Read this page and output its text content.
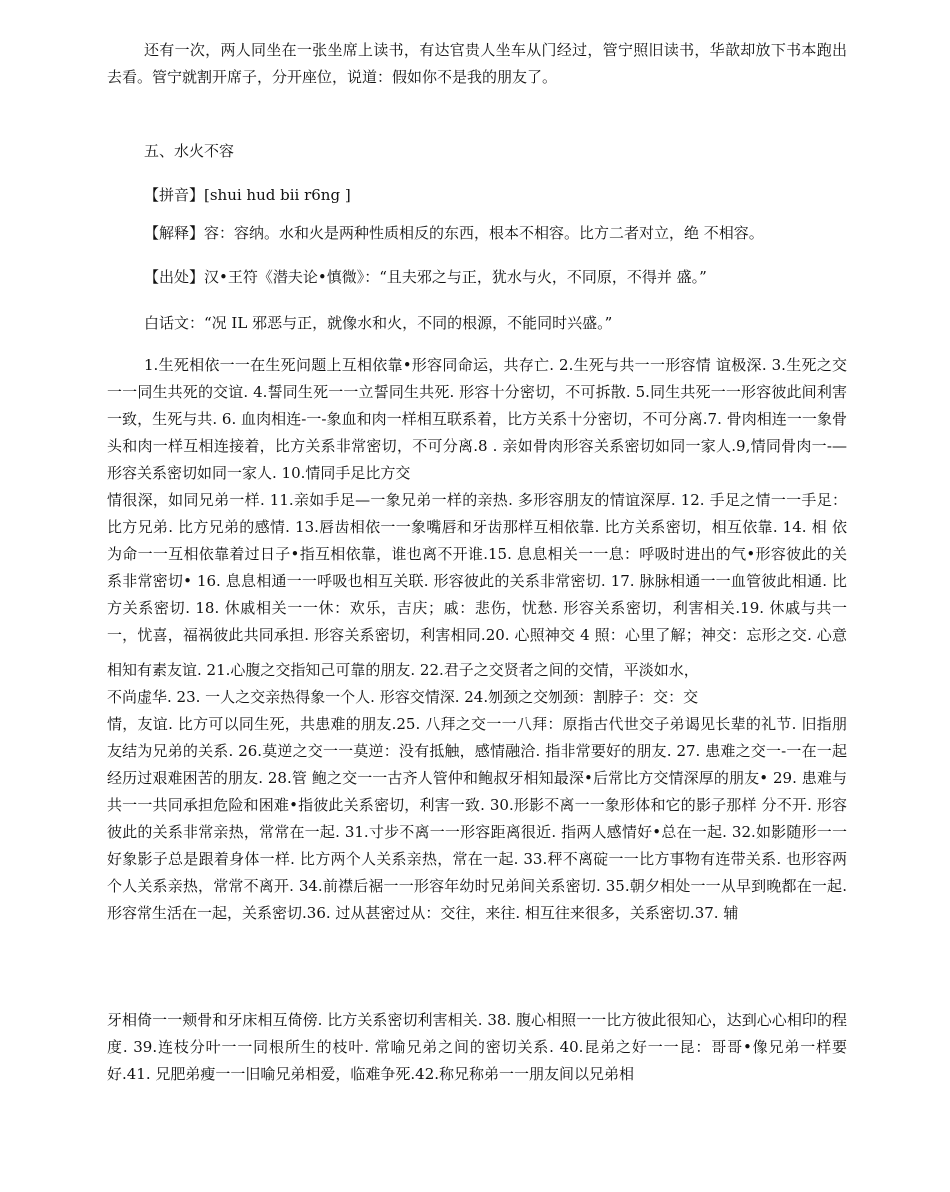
还有一次，两人同坐在一张坐席上读书，有达官贵人坐车从门经过，管宁照旧读书，华歆却放下书本跑出去看。管宁就割开席子，分开座位，说道：假如你不是我的朋友了。

五、水火不容

【拼音】[shui hud bii r6ng ]

【解释】容：容纳。水和火是两种性质相反的东西，根本不相容。比方二者对立，绝 不相容。

【出处】汉•王符《潜夫论•慎微》：“且夫邪之与正，犹水与火，不同原，不得并 盛。”

白话文：“况 IL 邪恶与正，就像水和火，不同的根源，不能同时兴盛。”

1.生死相依一一在生死问题上互相依靠•形容同命运，共存亡. 2.生死与共一一形容情 谊极深. 3.生死之交一一同生共死的交谊. 4.誓同生死一一立誓同生共死. 形容十分密切，不可拆散. 5.同生共死一一形容彼此间利害一致，生死与共. 6. 血肉相连-一-象血和肉一样相互联系着，比方关系十分密切，不可分离.7. 骨肉相连一一象骨头和肉一样互相连接着，比方关系非常密切，不可分离.8 . 亲如骨肉形容关系密切如同一家人.9,情同骨肉一-—形容关系密切如同一家人. 10.情同手足比方交

情很深，如同兄弟一样. 11.亲如手足—一象兄弟一样的亲热. 多形容朋友的情谊深厚. 12. 手足之情一一手足：比方兄弟. 比方兄弟的感情. 13.唇齿相依一一象嘴唇和牙齿那样互相依靠. 比方关系密切，相互依靠. 14. 相 依为命一一互相依靠着过日子•指互相依靠，谁也离不开谁.15. 息息相关一一息：呼吸时进出的气•形容彼此的关系非常密切• 16. 息息相通一一呼吸也相互关联. 形容彼此的关系非常密切. 17. 脉脉相通一一血管彼此相通. 比方关系密切. 18. 休戚相关一一休：欢乐，吉庆；戚：悲伤，忧愁. 形容关系密切，利害相关.19. 休戚与共一一，忧喜，福祸彼此共同承担. 形容关系密切，利害相同.20. 心照神交 4 照：心里了解；神交：忘形之交. 心意

相知有素友谊. 21.心腹之交指知己可靠的朋友. 22.君子之交贤者之间的交情，平淡如水，

不尚虚华. 23. 一人之交亲热得象一个人. 形容交情深. 24.刎颈之交刎颈：割脖子：交：交

情，友谊. 比方可以同生死，共患难的朋友.25. 八拜之交一一八拜：原指古代世交子弟谒见长辈的礼节. 旧指朋友结为兄弟的关系. 26.莫逆之交一一莫逆：没有抵触，感情融洽. 指非常要好的朋友. 27. 患难之交一-一在一起经历过艰难困苦的朋友. 28.管 鲍之交一一古齐人管仲和鲍叔牙相知最深•后常比方交情深厚的朋友• 29. 患难与共一一共同承担危险和困难•指彼此关系密切，利害一致. 30.形影不离一一象形体和它的影子那样 分不开. 形容彼此的关系非常亲热，常常在一起. 31.寸步不离一一形容距离很近. 指两人感情好•总在一起. 32.如影随形一一好象影子总是跟着身体一样. 比方两个人关系亲热，常在一起. 33.秤不离碇一一比方事物有连带关系. 也形容两个人关系亲热，常常不离开. 34.前襟后裾一一形容年幼时兄弟间关系密切. 35.朝夕相处一一从早到晚都在一起. 形容常生活在一起，关系密切.36. 过从甚密过从：交往，来往. 相互往来很多，关系密切.37. 辅

牙相倚一一颊骨和牙床相互倚傍. 比方关系密切利害相关. 38. 腹心相照一一比方彼此很知心，达到心心相印的程度. 39.连枝分叶一一同根所生的枝叶. 常喻兄弟之间的密切关系. 40.昆弟之好一一昆：哥哥•像兄弟一样要好.41. 兄肥弟瘦一一旧喻兄弟相爱，临难争死.42.称兄称弟一一朋友间以兄弟相
